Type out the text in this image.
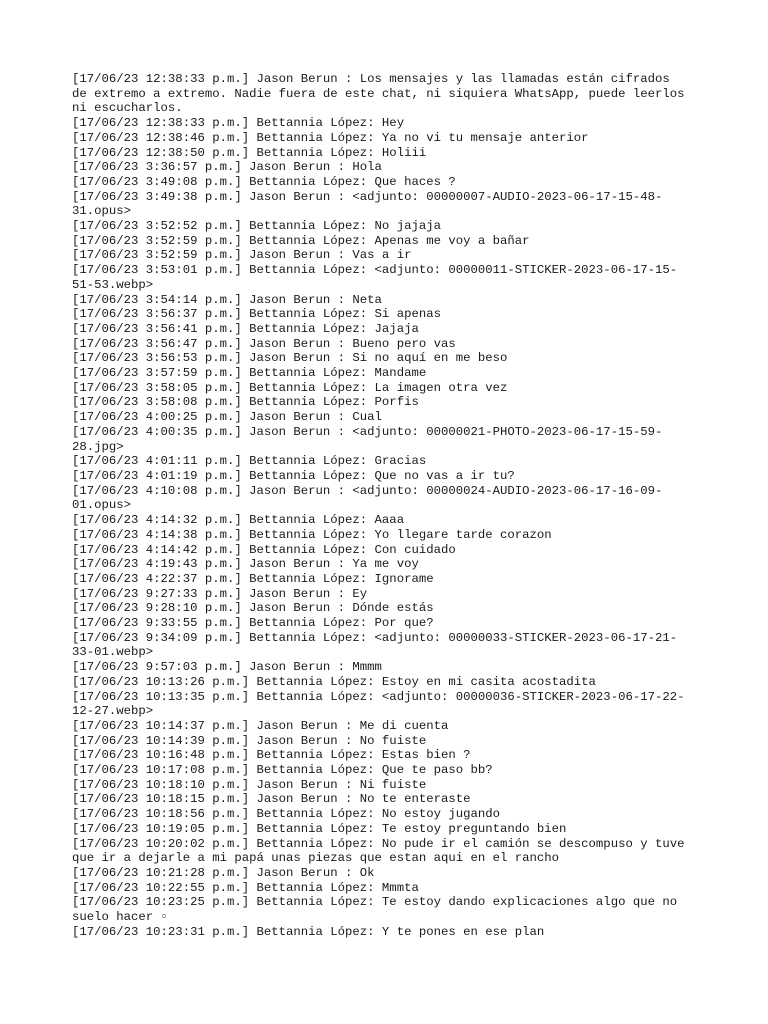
[17/06/23 12:38:33 p.m.] Jason Berun : Los mensajes y las llamadas están cifrados
de extremo a extremo. Nadie fuera de este chat, ni siquiera WhatsApp, puede leerlos
ni escucharlos.
[17/06/23 12:38:33 p.m.] Bettannia López: Hey
[17/06/23 12:38:46 p.m.] Bettannia López: Ya no vi tu mensaje anterior
[17/06/23 12:38:50 p.m.] Bettannia López: Holiii
[17/06/23 3:36:57 p.m.] Jason Berun : Hola
[17/06/23 3:49:08 p.m.] Bettannia López: Que haces ?
[17/06/23 3:49:38 p.m.] Jason Berun : <adjunto: 00000007-AUDIO-2023-06-17-15-48-
31.opus>
[17/06/23 3:52:52 p.m.] Bettannia López: No jajaja
[17/06/23 3:52:59 p.m.] Bettannia López: Apenas me voy a bañar
[17/06/23 3:52:59 p.m.] Jason Berun : Vas a ir
[17/06/23 3:53:01 p.m.] Bettannia López: <adjunto: 00000011-STICKER-2023-06-17-15-
51-53.webp>
[17/06/23 3:54:14 p.m.] Jason Berun : Neta
[17/06/23 3:56:37 p.m.] Bettannia López: Si apenas
[17/06/23 3:56:41 p.m.] Bettannia López: Jajaja
[17/06/23 3:56:47 p.m.] Jason Berun : Bueno pero vas
[17/06/23 3:56:53 p.m.] Jason Berun : Si no aquí en me beso
[17/06/23 3:57:59 p.m.] Bettannia López: Mandame
[17/06/23 3:58:05 p.m.] Bettannia López: La imagen otra vez
[17/06/23 3:58:08 p.m.] Bettannia López: Porfis
[17/06/23 4:00:25 p.m.] Jason Berun : Cual
[17/06/23 4:00:35 p.m.] Jason Berun : <adjunto: 00000021-PHOTO-2023-06-17-15-59-
28.jpg>
[17/06/23 4:01:11 p.m.] Bettannia López: Gracias
[17/06/23 4:01:19 p.m.] Bettannia López: Que no vas a ir tu?
[17/06/23 4:10:08 p.m.] Jason Berun : <adjunto: 00000024-AUDIO-2023-06-17-16-09-
01.opus>
[17/06/23 4:14:32 p.m.] Bettannia López: Aaaa
[17/06/23 4:14:38 p.m.] Bettannia López: Yo llegare tarde corazon
[17/06/23 4:14:42 p.m.] Bettannia López: Con cuidado
[17/06/23 4:19:43 p.m.] Jason Berun : Ya me voy
[17/06/23 4:22:37 p.m.] Bettannia López: Ignorame
[17/06/23 9:27:33 p.m.] Jason Berun : Ey
[17/06/23 9:28:10 p.m.] Jason Berun : Dónde estás
[17/06/23 9:33:55 p.m.] Bettannia López: Por que?
[17/06/23 9:34:09 p.m.] Bettannia López: <adjunto: 00000033-STICKER-2023-06-17-21-
33-01.webp>
[17/06/23 9:57:03 p.m.] Jason Berun : Mmmm
[17/06/23 10:13:26 p.m.] Bettannia López: Estoy en mi casita acostadita
[17/06/23 10:13:35 p.m.] Bettannia López: <adjunto: 00000036-STICKER-2023-06-17-22-
12-27.webp>
[17/06/23 10:14:37 p.m.] Jason Berun : Me di cuenta
[17/06/23 10:14:39 p.m.] Jason Berun : No fuiste
[17/06/23 10:16:48 p.m.] Bettannia López: Estas bien ?
[17/06/23 10:17:08 p.m.] Bettannia López: Que te paso bb?
[17/06/23 10:18:10 p.m.] Jason Berun : Ni fuiste
[17/06/23 10:18:15 p.m.] Jason Berun : No te enteraste
[17/06/23 10:18:56 p.m.] Bettannia López: No estoy jugando
[17/06/23 10:19:05 p.m.] Bettannia López: Te estoy preguntando bien
[17/06/23 10:20:02 p.m.] Bettannia López: No pude ir el camión se descompuso y tuve
que ir a dejarle a mi papá unas piezas que estan aqui en el rancho
[17/06/23 10:21:28 p.m.] Jason Berun : Ok
[17/06/23 10:22:55 p.m.] Bettannia López: Mmmta
[17/06/23 10:23:25 p.m.] Bettannia López: Te estoy dando explicaciones algo que no
suelo hacer ▫
[17/06/23 10:23:31 p.m.] Bettannia López: Y te pones en ese plan
